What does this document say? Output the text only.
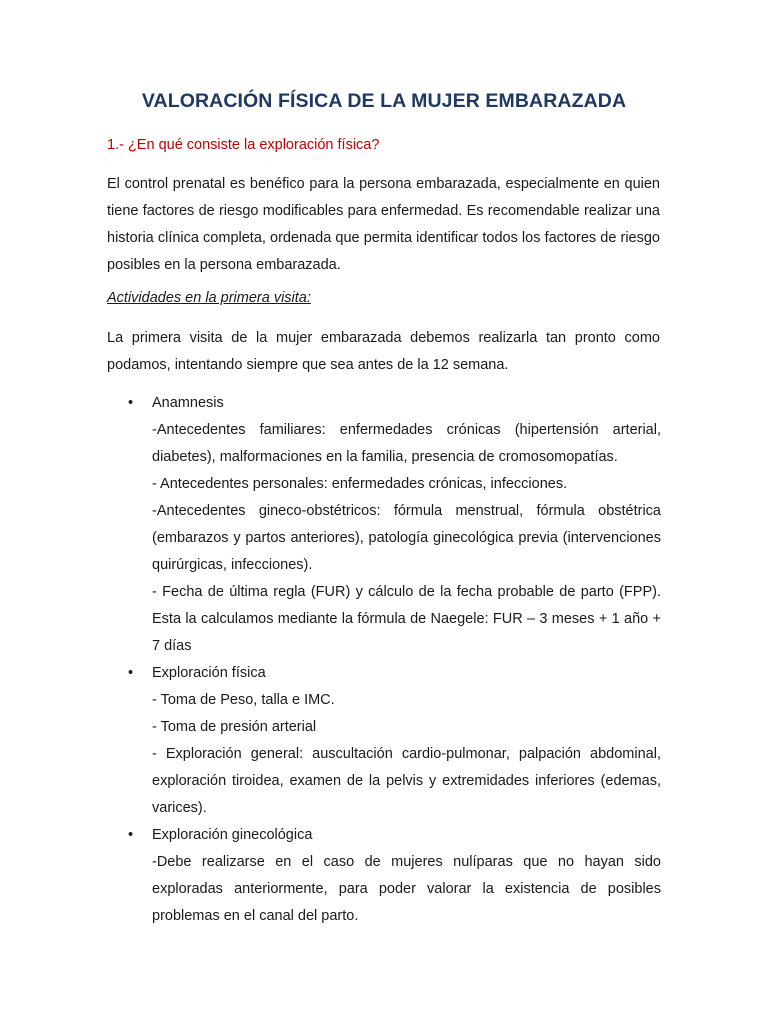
VALORACIÓN FÍSICA DE LA MUJER EMBARAZADA
1.- ¿En qué consiste la exploración física?

El control prenatal es benéfico para la persona embarazada, especialmente en quien tiene factores de riesgo modificables para enfermedad. Es recomendable realizar una historia clínica completa, ordenada que permita identificar todos los factores de riesgo posibles en la persona embarazada.

Actividades en la primera visita:

La primera visita de la mujer embarazada debemos realizarla tan pronto como podamos, intentando siempre que sea antes de la 12 semana.

• Anamnesis
-Antecedentes familiares: enfermedades crónicas (hipertensión arterial, diabetes), malformaciones en la familia, presencia de cromosomopatías.
- Antecedentes personales: enfermedades crónicas, infecciones.
-Antecedentes gineco-obstétricos: fórmula menstrual, fórmula obstétrica (embarazos y partos anteriores), patología ginecológica previa (intervenciones quirúrgicas, infecciones).
- Fecha de última regla (FUR) y cálculo de la fecha probable de parto (FPP). Esta la calculamos mediante la fórmula de Naegele: FUR – 3 meses + 1 año + 7 días
• Exploración física
- Toma de Peso, talla e IMC.
- Toma de presión arterial
- Exploración general: auscultación cardio-pulmonar, palpación abdominal, exploración tiroidea, examen de la pelvis y extremidades inferiores (edemas, varices).
• Exploración ginecológica
-Debe realizarse en el caso de mujeres nulíparas que no hayan sido exploradas anteriormente, para poder valorar la existencia de posibles problemas en el canal del parto.
